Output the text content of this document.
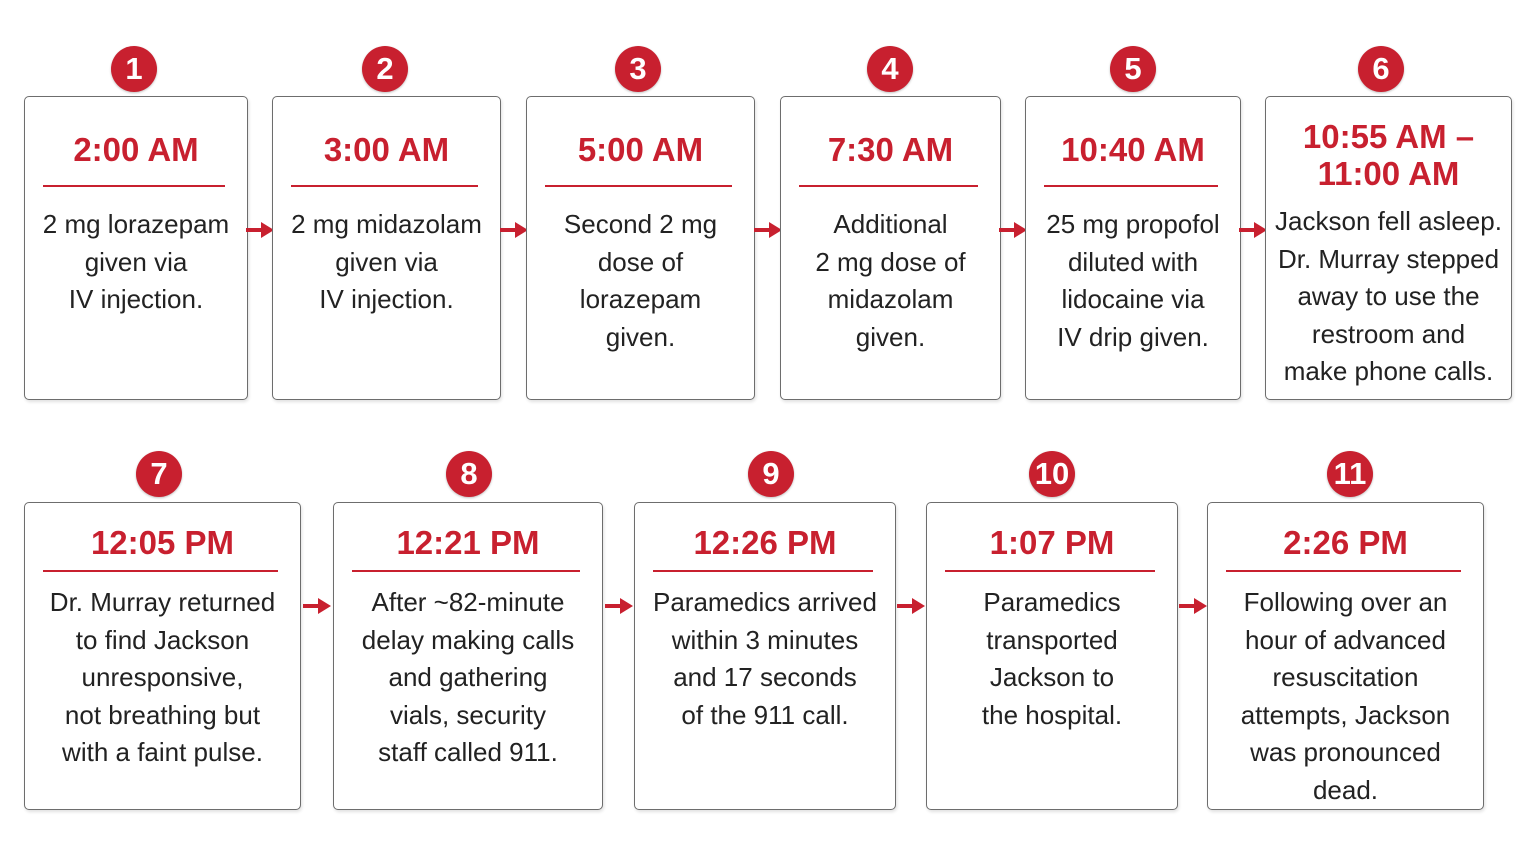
1
2:00 AM
2 mg lorazepam
given via
IV injection.
2
3:00 AM
2 mg midazolam
given via
IV injection.
3
5:00 AM
Second 2 mg
dose of
lorazepam
given.
4
7:30 AM
Additional
2 mg dose of
midazolam
given.
5
10:40 AM
25 mg propofol
diluted with
lidocaine via
IV drip given.
6
10:55 AM –
11:00 AM
Jackson fell asleep.
Dr. Murray stepped
away to use the
restroom and
make phone calls.
7
12:05 PM
Dr. Murray returned
to find Jackson
unresponsive,
not breathing but
with a faint pulse.
8
12:21 PM
After ~82-minute
delay making calls
and gathering
vials, security
staff called 911.
9
12:26 PM
Paramedics arrived
within 3 minutes
and 17 seconds
of the 911 call.
10
1:07 PM
Paramedics
transported
Jackson to
the hospital.
11
2:26 PM
Following over an
hour of advanced
resuscitation
attempts, Jackson
was pronounced
dead.
